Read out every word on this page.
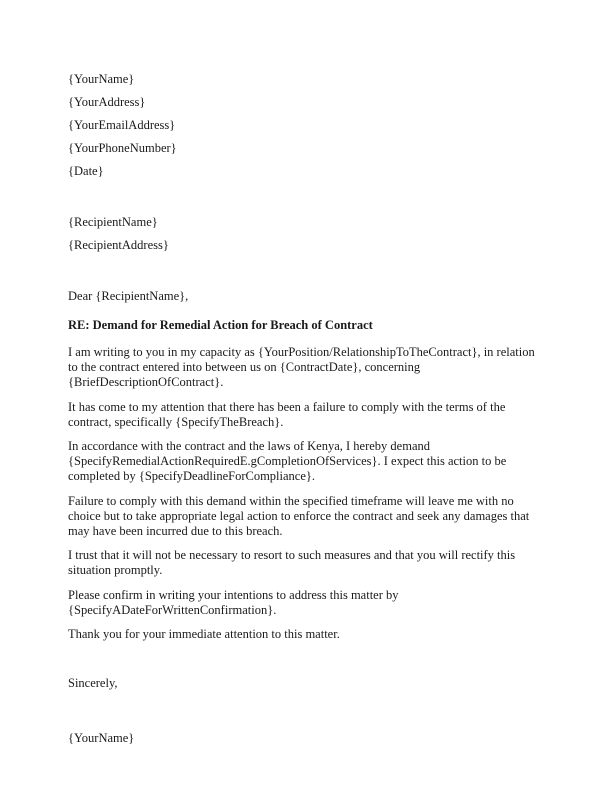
{YourName}
{YourAddress}
{YourEmailAddress}
{YourPhoneNumber}
{Date}
{RecipientName}
{RecipientAddress}
Dear {RecipientName},
RE: Demand for Remedial Action for Breach of Contract

I am writing to you in my capacity as {YourPosition/RelationshipToTheContract}, in relation to the contract entered into between us on {ContractDate}, concerning {BriefDescriptionOfContract}.

It has come to my attention that there has been a failure to comply with the terms of the contract, specifically {SpecifyTheBreach}.

In accordance with the contract and the laws of Kenya, I hereby demand {SpecifyRemedialActionRequiredE.gCompletionOfServices}. I expect this action to be completed by {SpecifyDeadlineForCompliance}.

Failure to comply with this demand within the specified timeframe will leave me with no choice but to take appropriate legal action to enforce the contract and seek any damages that may have been incurred due to this breach.

I trust that it will not be necessary to resort to such measures and that you will rectify this situation promptly.

Please confirm in writing your intentions to address this matter by {SpecifyADateForWrittenConfirmation}.

Thank you for your immediate attention to this matter.

Sincerely,
{YourName}
